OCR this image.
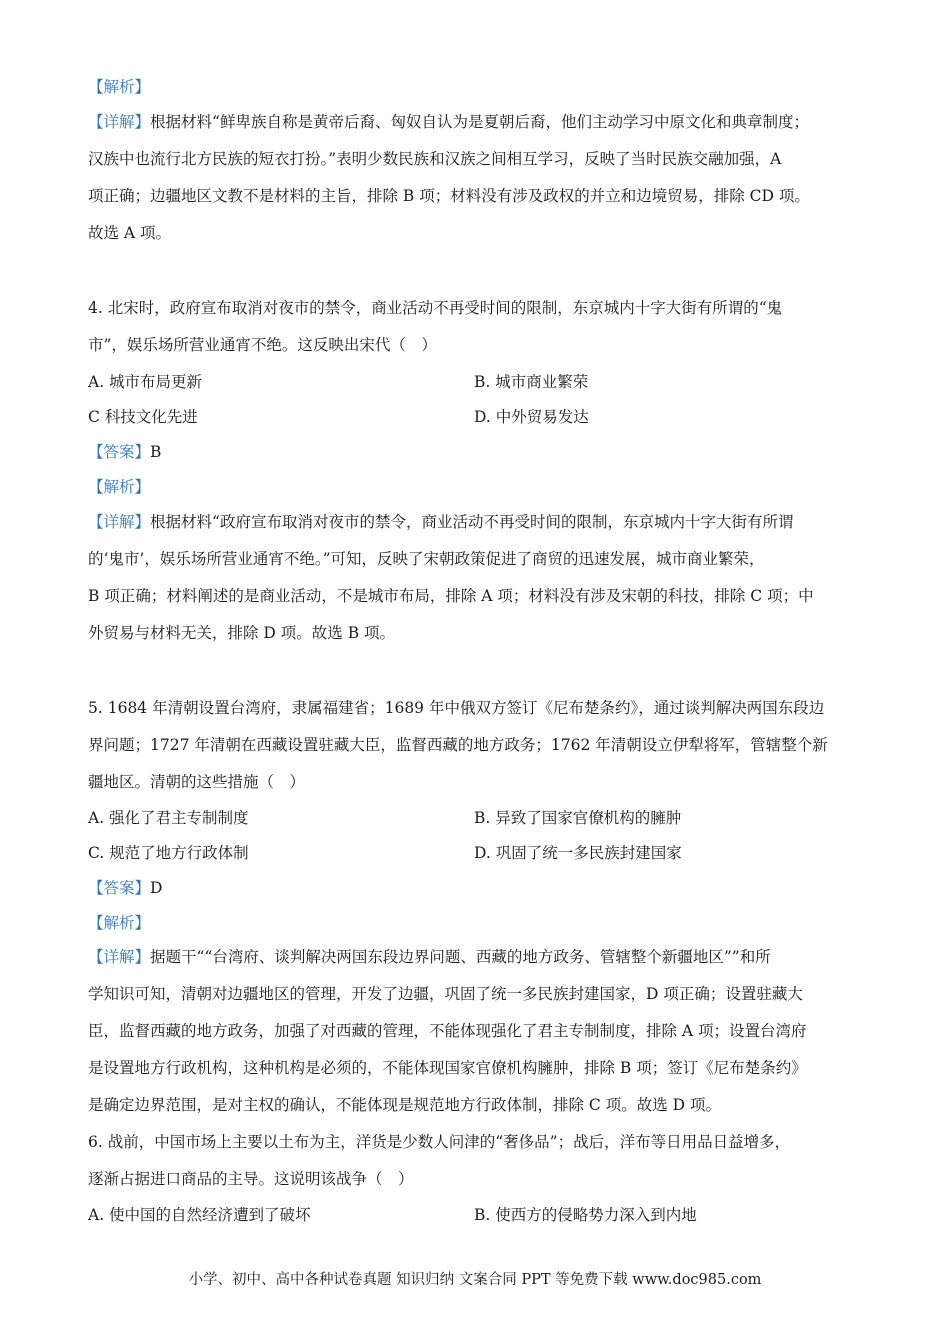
【解析】
【详解】根据材料“鲜卑族自称是黄帝后裔、匈奴自认为是夏朝后裔，他们主动学习中原文化和典章制度；
汉族中也流行北方民族的短衣打扮。”表明少数民族和汉族之间相互学习，反映了当时民族交融加强，A
项正确；边疆地区文教不是材料的主旨，排除 B 项；材料没有涉及政权的并立和边境贸易，排除 CD 项。
故选 A 项。
4. 北宋时，政府宣布取消对夜市的禁令，商业活动不再受时间的限制，东京城内十字大街有所谓的“鬼
市”，娱乐场所营业通宵不绝。这反映出宋代（　）
【答案】B
【解析】
【详解】根据材料“政府宣布取消对夜市的禁令，商业活动不再受时间的限制，东京城内十字大街有所谓
的‘鬼市’，娱乐场所营业通宵不绝。”可知，反映了宋朝政策促进了商贸的迅速发展，城市商业繁荣，
B 项正确；材料阐述的是商业活动，不是城市布局，排除 A 项；材料没有涉及宋朝的科技，排除 C 项；中
外贸易与材料无关，排除 D 项。故选 B 项。
5. 1684 年清朝设置台湾府，隶属福建省；1689 年中俄双方签订《尼布楚条约》，通过谈判解决两国东段边
界问题；1727 年清朝在西藏设置驻藏大臣，监督西藏的地方政务；1762 年清朝设立伊犁将军，管辖整个新
疆地区。清朝的这些措施（　）
【答案】D
【解析】
【详解】据题干““台湾府、谈判解决两国东段边界问题、西藏的地方政务、管辖整个新疆地区””和所
学知识可知，清朝对边疆地区的管理，开发了边疆，巩固了统一多民族封建国家，D 项正确；设置驻藏大
臣，监督西藏的地方政务，加强了对西藏的管理，不能体现强化了君主专制制度，排除 A 项；设置台湾府
是设置地方行政机构，这种机构是必须的，不能体现国家官僚机构臃肿，排除 B 项；签订《尼布楚条约》
是确定边界范围，是对主权的确认，不能体现是规范地方行政体制，排除 C 项。故选 D 项。
6. 战前，中国市场上主要以土布为主，洋货是少数人问津的“奢侈品”；战后，洋布等日用品日益增多，
逐渐占据进口商品的主导。这说明该战争（　）
A. 城市布局更新	B. 城市商业繁荣
C 科技文化先进	D. 中外贸易发达
A. 强化了君主专制制度	B. 异致了国家官僚机构的臃肿
C. 规范了地方行政体制	D. 巩固了统一多民族封建国家
A. 使中国的自然经济遭到了破坏	B. 使西方的侵略势力深入到内地
小学、初中、高中各种试卷真题 知识归纳 文案合同 PPT 等免费下载 www.doc985.com
